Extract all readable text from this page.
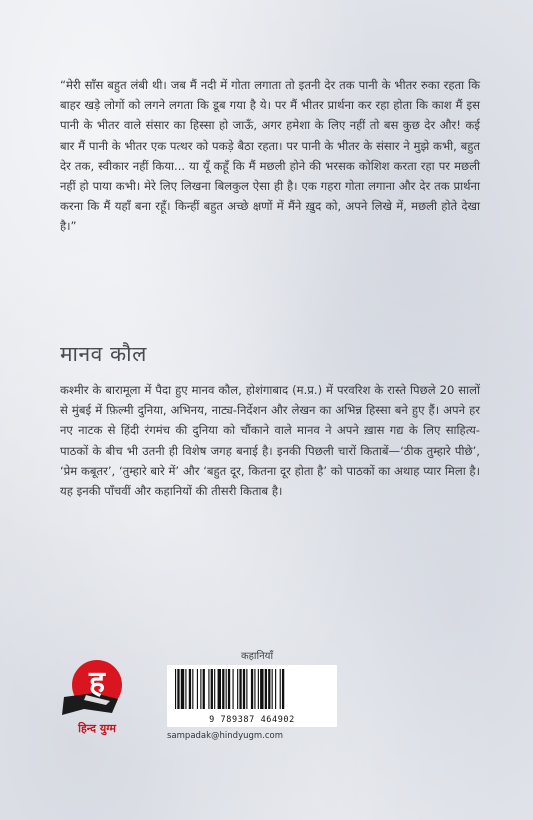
“मेरी साँस बहुत लंबी थी। जब मैं नदी में गोता लगाता तो इतनी देर तक पानी के भीतर रुका रहता कि बाहर खड़े लोगों को लगने लगता कि डूब गया है ये। पर मैं भीतर प्रार्थना कर रहा होता कि काश मैं इस पानी के भीतर वाले संसार का हिस्सा हो जाऊँ, अगर हमेशा के लिए नहीं तो बस कुछ देर और! कई बार मैं पानी के भीतर एक पत्थर को पकड़े बैठा रहता। पर पानी के भीतर के संसार ने मुझे कभी, बहुत देर तक, स्वीकार नहीं किया... या यूँ कहूँ कि मैं मछली होने की भरसक कोशिश करता रहा पर मछली नहीं हो पाया कभी। मेरे लिए लिखना बिलकुल ऐसा ही है। एक गहरा गोता लगाना और देर तक प्रार्थना करना कि मैं यहाँ बना रहूँ। किन्हीं बहुत अच्छे क्षणों में मैंने ख़ुद को, अपने लिखे में, मछली होते देखा है।”

मानव कौल

कश्मीर के बारामूला में पैदा हुए मानव कौल, होशंगाबाद (म.प्र.) में परवरिश के रास्ते पिछले 20 सालों से मुंबई में फ़िल्मी दुनिया, अभिनय, नाट्य-निर्देशन और लेखन का अभिन्न हिस्सा बने हुए हैं। अपने हर नए नाटक से हिंदी रंगमंच की दुनिया को चौंकाने वाले मानव ने अपने ख़ास गद्य के लिए साहित्य-पाठकों के बीच भी उतनी ही विशेष जगह बनाई है। इनकी पिछली चारों किताबें—‘ठीक तुम्हारे पीछे’, ‘प्रेम कबूतर’, ‘तुम्हारे बारे में’ और ‘बहुत दूर, कितना दूर होता है’ को पाठकों का अथाह प्यार मिला है। यह इनकी पाँचवीं और कहानियों की तीसरी किताब है।

ह
हिन्द युग्म
कहानियाँ
9 789387 464902
sampadak@hindyugm.com
